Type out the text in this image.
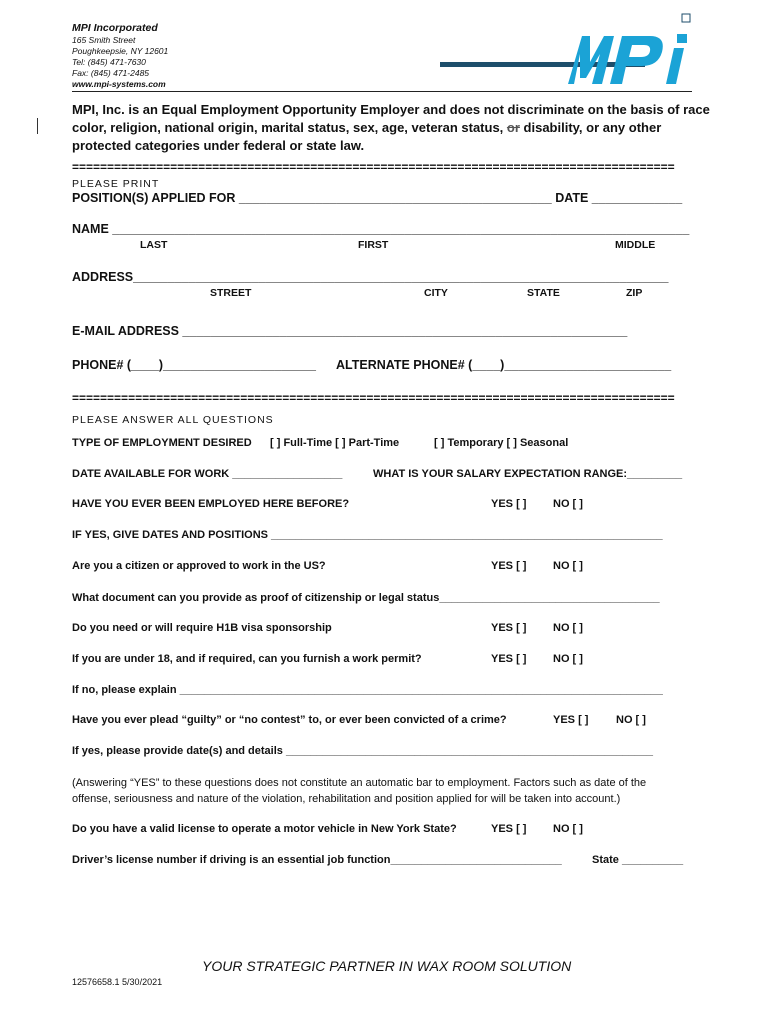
MPI Incorporated
165 Smith Street
Poughkeepsie, NY 12601
Tel: (845) 471-7630
Fax: (845) 471-2485
www.mpi-systems.com
MPI, Inc. is an Equal Employment Opportunity Employer and does not discriminate on the basis of race
color, religion, national origin, marital status, sex, age, veteran status, or disability, or any other
protected categories under federal or state law.
======================================================================================
PLEASE PRINT
POSITION(S) APPLIED FOR _____________________________________________ DATE _____________
NAME ___________________________________________________________________________________
LAST	FIRST	MIDDLE
ADDRESS_____________________________________________________________________________
STREET	CITY	STATE	ZIP
E-MAIL ADDRESS ________________________________________________________________
PHONE# (____)______________________	ALTERNATE PHONE# (____)________________________
======================================================================================
PLEASE ANSWER ALL QUESTIONS
TYPE OF EMPLOYMENT DESIRED [ ] Full-Time [ ] Part-Time	[ ] Temporary [ ] Seasonal
DATE AVAILABLE FOR WORK __________________	WHAT IS YOUR SALARY EXPECTATION RANGE:_________
HAVE YOU EVER BEEN EMPLOYED HERE BEFORE?	YES [ ] NO [ ]
IF YES, GIVE DATES AND POSITIONS ________________________________________________________________
Are you a citizen or approved to work in the US?	YES [ ] NO [ ]
What document can you provide as proof of citizenship or legal status____________________________________
Do you need or will require H1B visa sponsorship	YES [ ] NO [ ]
If you are under 18, and if required, can you furnish a work permit?	YES [ ] NO [ ]
If no, please explain _______________________________________________________________________________
Have you ever plead “guilty” or “no contest” to, or ever been convicted of a crime?	YES [ ]	NO [ ]
If yes, please provide date(s) and details ____________________________________________________________
(Answering “YES” to these questions does not constitute an automatic bar to employment. Factors such as date of the
offense, seriousness and nature of the violation, rehabilitation and position applied for will be taken into account.)
Do you have a valid license to operate a motor vehicle in New York State?	YES [ ] NO [ ]
Driver’s license number if driving is an essential job function____________________________	State __________
YOUR STRATEGIC PARTNER IN WAX ROOM SOLUTION
12576658.1 5/30/2021
